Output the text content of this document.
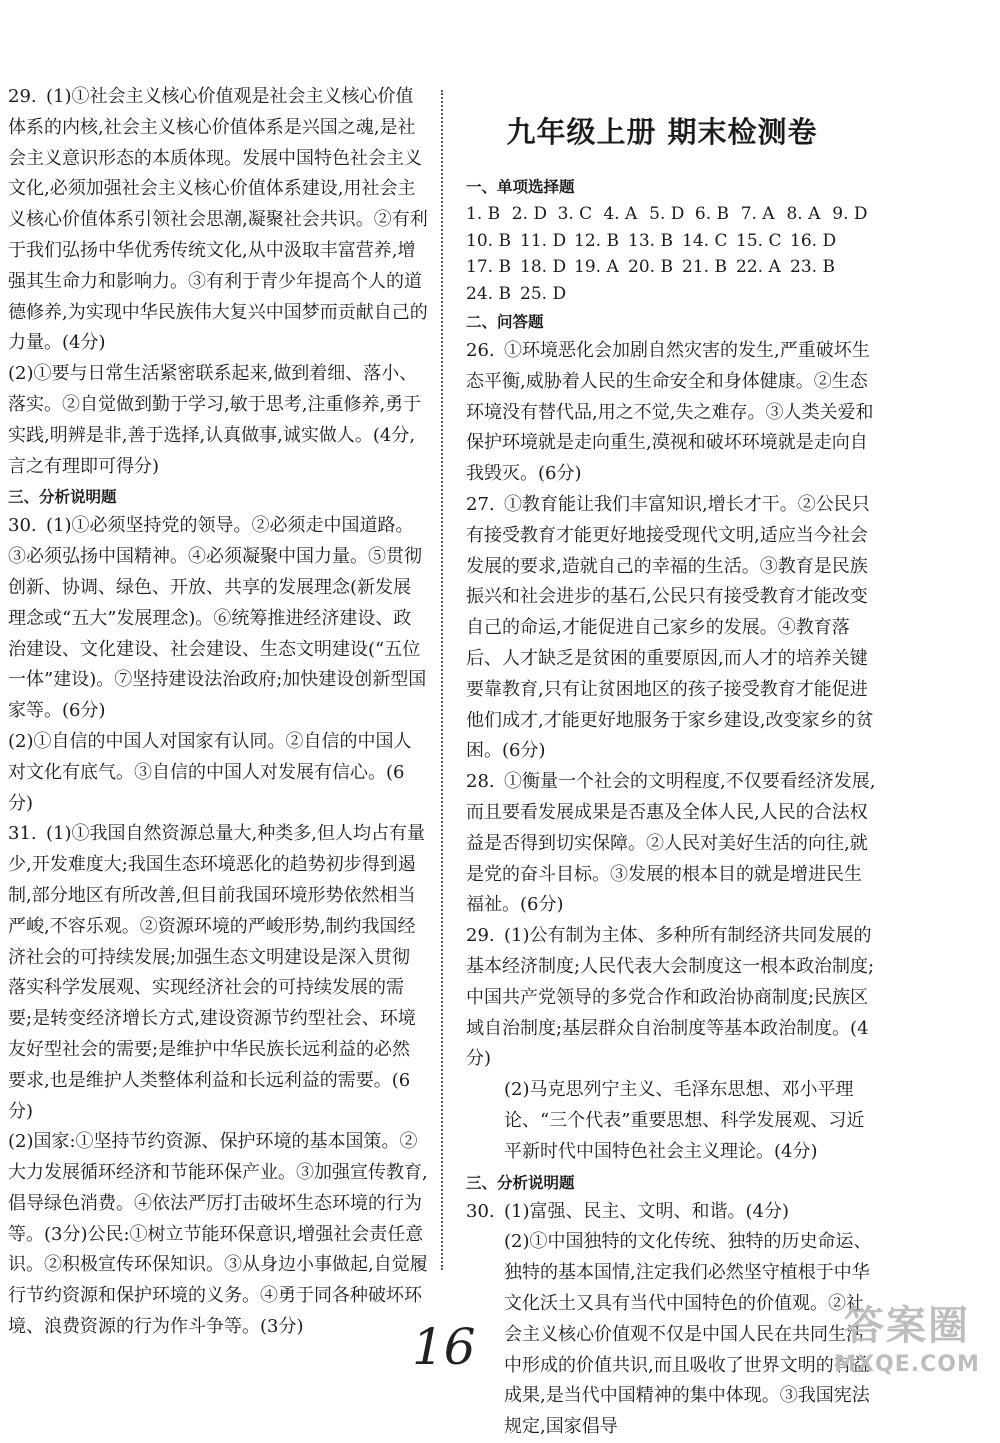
29. (1)①社会主义核心价值观是社会主义核心价值体系的内核,社会主义核心价值体系是兴国之魂,是社会主义意识形态的本质体现。发展中国特色社会主义文化,必须加强社会主义核心价值体系建设,用社会主义核心价值体系引领社会思潮,凝聚社会共识。②有利于我们弘扬中华优秀传统文化,从中汲取丰富营养,增强其生命力和影响力。③有利于青少年提高个人的道德修养,为实现中华民族伟大复兴中国梦而贡献自己的力量。(4分)

(2)①要与日常生活紧密联系起来,做到着细、落小、落实。②自觉做到勤于学习,敏于思考,注重修养,勇于实践,明辨是非,善于选择,认真做事,诚实做人。(4分,言之有理即可得分)

三、分析说明题

30. (1)①必须坚持党的领导。②必须走中国道路。③必须弘扬中国精神。④必须凝聚中国力量。⑤贯彻创新、协调、绿色、开放、共享的发展理念(新发展理念或“五大”发展理念)。⑥统筹推进经济建设、政治建设、文化建设、社会建设、生态文明建设(“五位一体”建设)。⑦坚持建设法治政府;加快建设创新型国家等。(6分)

(2)①自信的中国人对国家有认同。②自信的中国人对文化有底气。③自信的中国人对发展有信心。(6分)

31. (1)①我国自然资源总量大,种类多,但人均占有量少,开发难度大;我国生态环境恶化的趋势初步得到遏制,部分地区有所改善,但目前我国环境形势依然相当严峻,不容乐观。②资源环境的严峻形势,制约我国经济社会的可持续发展;加强生态文明建设是深入贯彻落实科学发展观、实现经济社会的可持续发展的需要;是转变经济增长方式,建设资源节约型社会、环境友好型社会的需要;是维护中华民族长远利益的必然要求,也是维护人类整体利益和长远利益的需要。(6分)

(2)国家:①坚持节约资源、保护环境的基本国策。②大力发展循环经济和节能环保产业。③加强宣传教育,倡导绿色消费。④依法严厉打击破坏生态环境的行为等。(3分)公民:①树立节能环保意识,增强社会责任意识。②积极宣传环保知识。③从身边小事做起,自觉履行节约资源和保护环境的义务。④勇于同各种破坏环境、浪费资源的行为作斗争等。(3分)

九年级上册 期末检测卷
一、单项选择题
1. B 2. D 3. C 4. A 5. D 6. B 7. A 8. A 9. D
10. B 11. D 12. B 13. B 14. C 15. C 16. D
17. B 18. D 19. A 20. B 21. B 22. A 23. B
24. B 25. D
二、问答题

26. ①环境恶化会加剧自然灾害的发生,严重破坏生态平衡,威胁着人民的生命安全和身体健康。②生态环境没有替代品,用之不觉,失之难存。③人类关爱和保护环境就是走向重生,漠视和破坏环境就是走向自我毁灭。(6分)

27. ①教育能让我们丰富知识,增长才干。②公民只有接受教育才能更好地接受现代文明,适应当今社会发展的要求,造就自己的幸福的生活。③教育是民族振兴和社会进步的基石,公民只有接受教育才能改变自己的命运,才能促进自己家乡的发展。④教育落后、人才缺乏是贫困的重要原因,而人才的培养关键要靠教育,只有让贫困地区的孩子接受教育才能促进他们成才,才能更好地服务于家乡建设,改变家乡的贫困。(6分)

28. ①衡量一个社会的文明程度,不仅要看经济发展,而且要看发展成果是否惠及全体人民,人民的合法权益是否得到切实保障。②人民对美好生活的向往,就是党的奋斗目标。③发展的根本目的就是增进民生福祉。(6分)

29. (1)公有制为主体、多种所有制经济共同发展的基本经济制度;人民代表大会制度这一根本政治制度;中国共产党领导的多党合作和政治协商制度;民族区域自治制度;基层群众自治制度等基本政治制度。(4分)

(2)马克思列宁主义、毛泽东思想、邓小平理论、“三个代表”重要思想、科学发展观、习近平新时代中国特色社会主义理论。(4分)

三、分析说明题

30. (1)富强、民主、文明、和谐。(4分)

(2)①中国独特的文化传统、独特的历史命运、独特的基本国情,注定我们必然坚守植根于中华文化沃土又具有当代中国特色的价值观。②社会主义核心价值观不仅是中国人民在共同生活中形成的价值共识,而且吸收了世界文明的有益成果,是当代中国精神的集中体现。③我国宪法规定,国家倡导

16	答案圈
MXQE.COM
